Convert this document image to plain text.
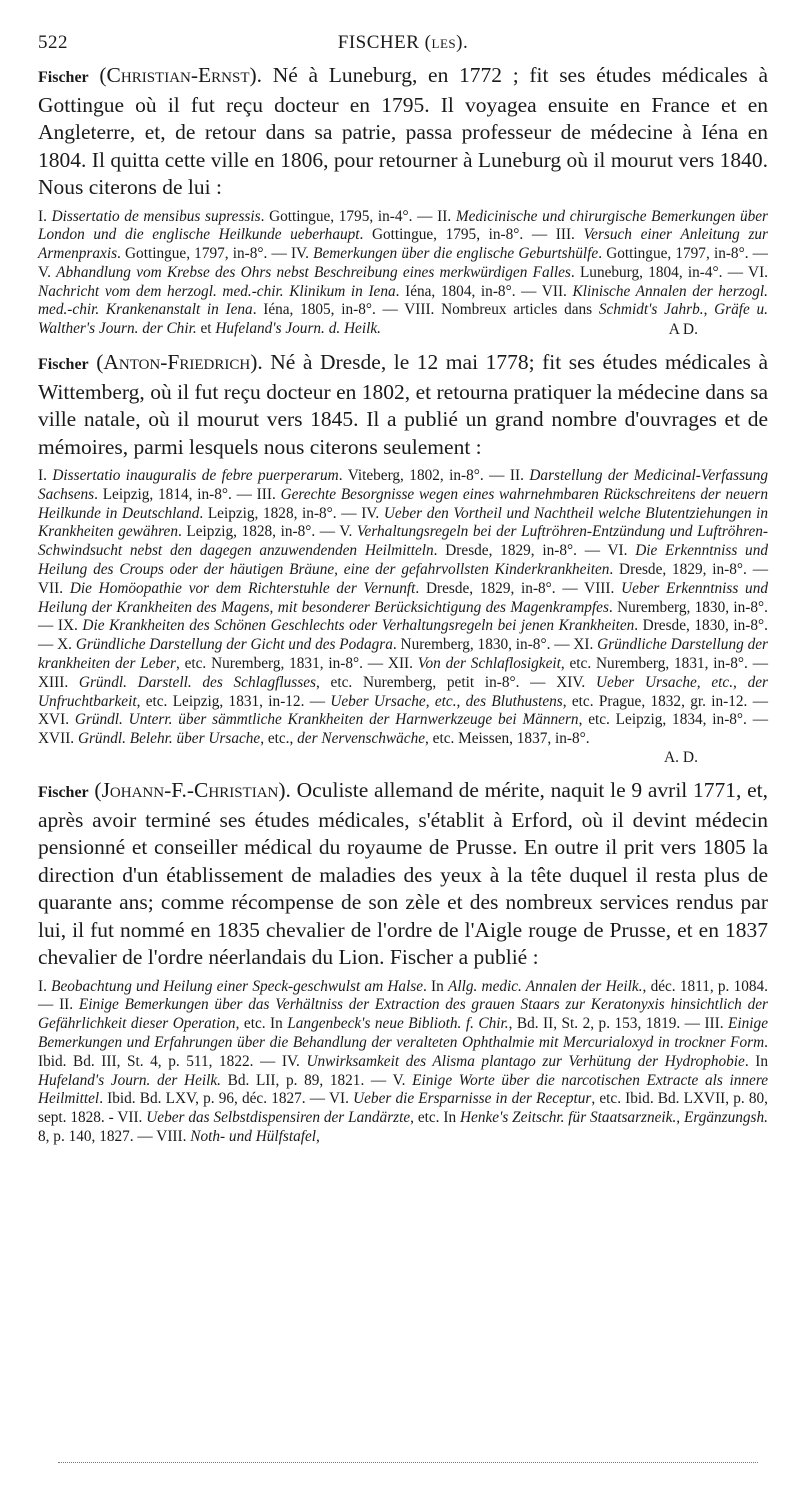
522	FISCHER (les).

Fischer (Christian-Ernst). Né à Luneburg, en 1772 ; fit ses études médicales à Gottingue où il fut reçu docteur en 1795. Il voyagea ensuite en France et en Angleterre, et, de retour dans sa patrie, passa professeur de médecine à Iéna en 1804. Il quitta cette ville en 1806, pour retourner à Luneburg où il mourut vers 1840. Nous citerons de lui :

I. Dissertatio de mensibus supressis. Gottingue, 1795, in-4°. — II. Medicinische und chirurgische Bemerkungen über London und die englische Heilkunde ueberhaupt. Gottingue, 1795, in-8°. — III. Versuch einer Anleitung zur Armenpraxis. Gottingue, 1797, in-8°. — IV. Bemerkungen über die englische Geburtshülfe. Gottingue, 1797, in-8°. — V. Abhandlung vom Krebse des Ohrs nebst Beschreibung eines merkwürdigen Falles. Luneburg, 1804, in-4°. — VI. Nachricht vom dem herzogl. med.-chir. Klinikum in Iena. Iéna, 1804, in-8°. — VII. Klinische Annalen der herzogl. med.-chir. Krankenanstalt in Iena. Iéna, 1805, in-8°. — VIII. Nombreux articles dans Schmidt's Jahrb., Gräfe u. Walther's Journ. der Chir. et Hufeland's Journ. d. Heilk.	A D.

Fischer (Anton-Friedrich). Né à Dresde, le 12 mai 1778; fit ses études médicales à Wittemberg, où il fut reçu docteur en 1802, et retourna pratiquer la médecine dans sa ville natale, où il mourut vers 1845. Il a publié un grand nombre d'ouvrages et de mémoires, parmi lesquels nous citerons seulement :

I. Dissertatio inauguralis de febre puerperarum. Viteberg, 1802, in-8°. — II. Darstellung der Medicinal-Verfassung Sachsens. Leipzig, 1814, in-8°. — III. Gerechte Besorgnisse wegen eines wahrnehmbaren Rückschreitens der neuern Heilkunde in Deutschland. Leipzig, 1828, in-8°. — IV. Ueber den Vortheil und Nachtheil welche Blutentziehungen in Krankheiten gewähren. Leipzig, 1828, in-8°. — V. Verhaltungsregeln bei der Luftröhren-Entzündung und Luftröhren-Schwindsucht nebst den dagegen anzuwendenden Heilmitteln. Dresde, 1829, in-8°. — VI. Die Erkenntniss und Heilung des Croups oder der häutigen Bräune, eine der gefahrvollsten Kinderkrankheiten. Dresde, 1829, in-8°. — VII. Die Homöopathie vor dem Richterstuhle der Vernunft. Dresde, 1829, in-8°. — VIII. Ueber Erkenntniss und Heilung der Krankheiten des Magens, mit besonderer Berücksichtigung des Magenkrampfes. Nuremberg, 1830, in-8°. — IX. Die Krankheiten des Schönen Geschlechts oder Verhaltungsregeln bei jenen Krankheiten. Dresde, 1830, in-8°. — X. Gründliche Darstellung der Gicht und des Podagra. Nuremberg, 1830, in-8°. — XI. Gründliche Darstellung der krankheiten der Leber, etc. Nuremberg, 1831, in-8°. — XII. Von der Schlaflosigkeit, etc. Nuremberg, 1831, in-8°. — XIII. Gründl. Darstell. des Schlagflusses, etc. Nuremberg, petit in-8°. — XIV. Ueber Ursache, etc., der Unfruchtbarkeit, etc. Leipzig, 1831, in-12. — Ueber Ursache, etc., des Bluthustens, etc. Prague, 1832, gr. in-12. — XVI. Gründl. Unterr. über sämmtliche Krankheiten der Harnwerkzeuge bei Männern, etc. Leipzig, 1834, in-8°. — XVII. Gründl. Belehr. über Ursache, etc., der Nervenschwäche, etc. Meissen, 1837, in-8°.

A. D.

Fischer (Johann-F.-Christian). Oculiste allemand de mérite, naquit le 9 avril 1771, et, après avoir terminé ses études médicales, s'établit à Erford, où il devint médecin pensionné et conseiller médical du royaume de Prusse. En outre il prit vers 1805 la direction d'un établissement de maladies des yeux à la tête duquel il resta plus de quarante ans; comme récompense de son zèle et des nombreux services rendus par lui, il fut nommé en 1835 chevalier de l'ordre de l'Aigle rouge de Prusse, et en 1837 chevalier de l'ordre néerlandais du Lion. Fischer a publié :

I. Beobachtung und Heilung einer Speck-geschwulst am Halse. In Allg. medic. Annalen der Heilk., déc. 1811, p. 1084. — II. Einige Bemerkungen über das Verhältniss der Extraction des grauen Staars zur Keratonyxis hinsichtlich der Gefährlichkeit dieser Operation, etc. In Langenbeck's neue Biblioth. f. Chir., Bd. II, St. 2, p. 153, 1819. — III. Einige Bemerkungen und Erfahrungen über die Behandlung der veralteten Ophthalmie mit Mercurialoxyd in trockner Form. Ibid. Bd. III, St. 4, p. 511, 1822. — IV. Unwirksamkeit des Alisma plantago zur Verhütung der Hydrophobie. In Hufeland's Journ. der Heilk. Bd. LII, p. 89, 1821. — V. Einige Worte über die narcotischen Extracte als innere Heilmittel. Ibid. Bd. LXV, p. 96, déc. 1827. — VI. Ueber die Ersparnisse in der Receptur, etc. Ibid. Bd. LXVII, p. 80, sept. 1828. - VII. Ueber das Selbstdispensiren der Landärzte, etc. In Henke's Zeitschr. für Staatsarzneik., Ergänzungsh. 8, p. 140, 1827. — VIII. Noth- und Hülfstafel,
